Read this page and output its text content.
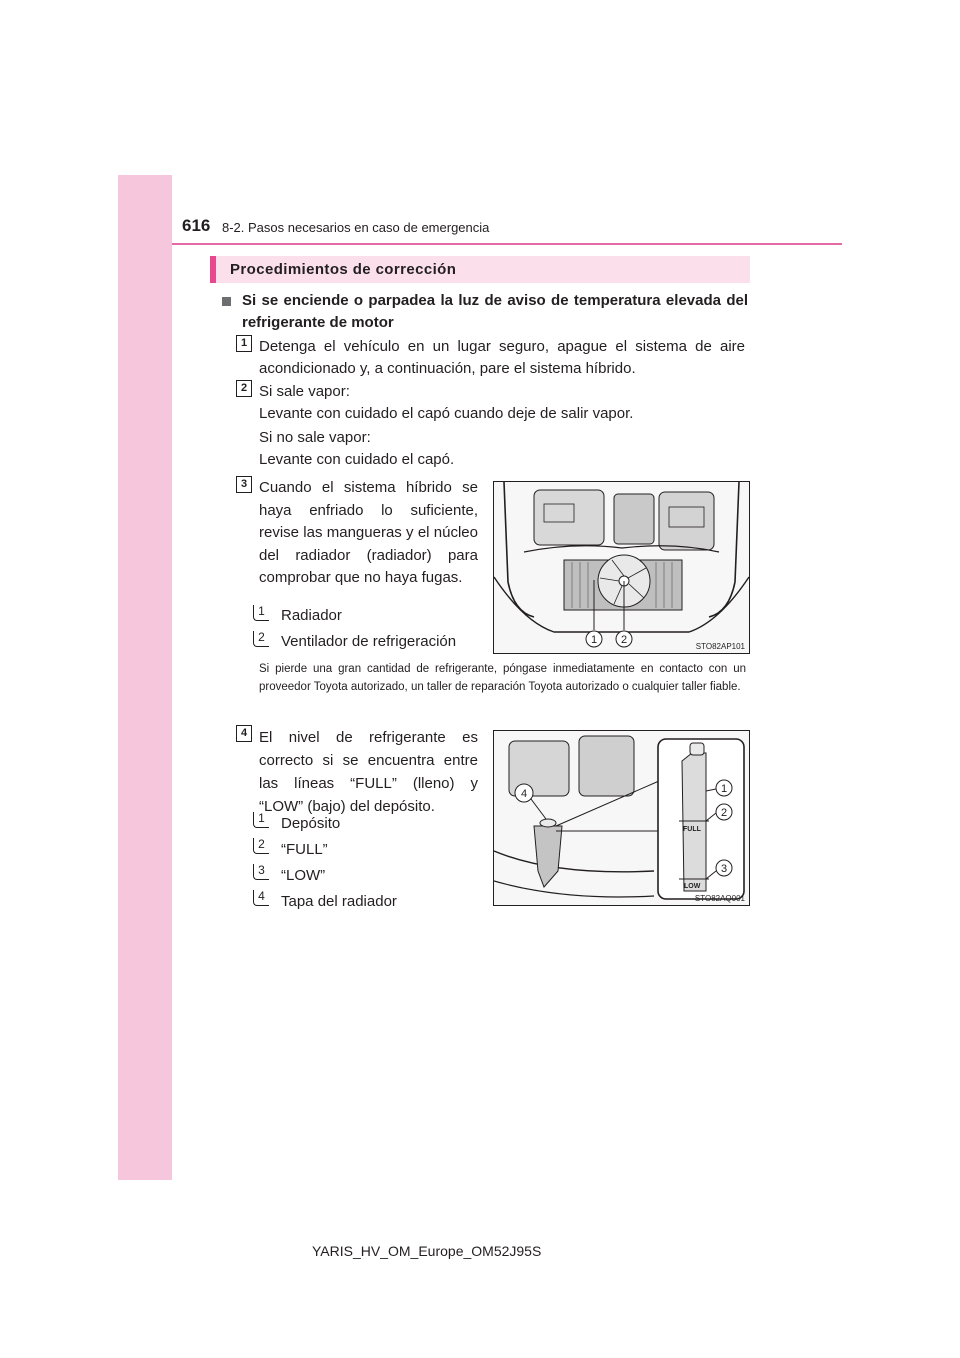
616 8-2. Pasos necesarios en caso de emergencia
Procedimientos de corrección
Si se enciende o parpadea la luz de aviso de temperatura elevada del refrigerante de motor
1 Detenga el vehículo en un lugar seguro, apague el sistema de aire acondicionado y, a continuación, pare el sistema híbrido.
2 Si sale vapor:
Levante con cuidado el capó cuando deje de salir vapor.
Si no sale vapor:
Levante con cuidado el capó.
3 Cuando el sistema híbrido se haya enfriado lo suficiente, revise las mangueras y el núcleo del radiador (radiador) para comprobar que no haya fugas.
1 Radiador
2 Ventilador de refrigeración	1 2
STO82AP101
Si pierde una gran cantidad de refrigerante, póngase inmediatamente en contacto con un proveedor Toyota autorizado, un taller de reparación Toyota autorizado o cualquier taller fiable.
4 El nivel de refrigerante es correcto si se encuentra entre las líneas “FULL” (lleno) y “LOW” (bajo) del depósito.
1 Depósito
2 “FULL”
3 “LOW”
4 Tapa del radiador
4
FULL
LOW
1
2
3
STO82AQ001
YARIS_HV_OM_Europe_OM52J95S
